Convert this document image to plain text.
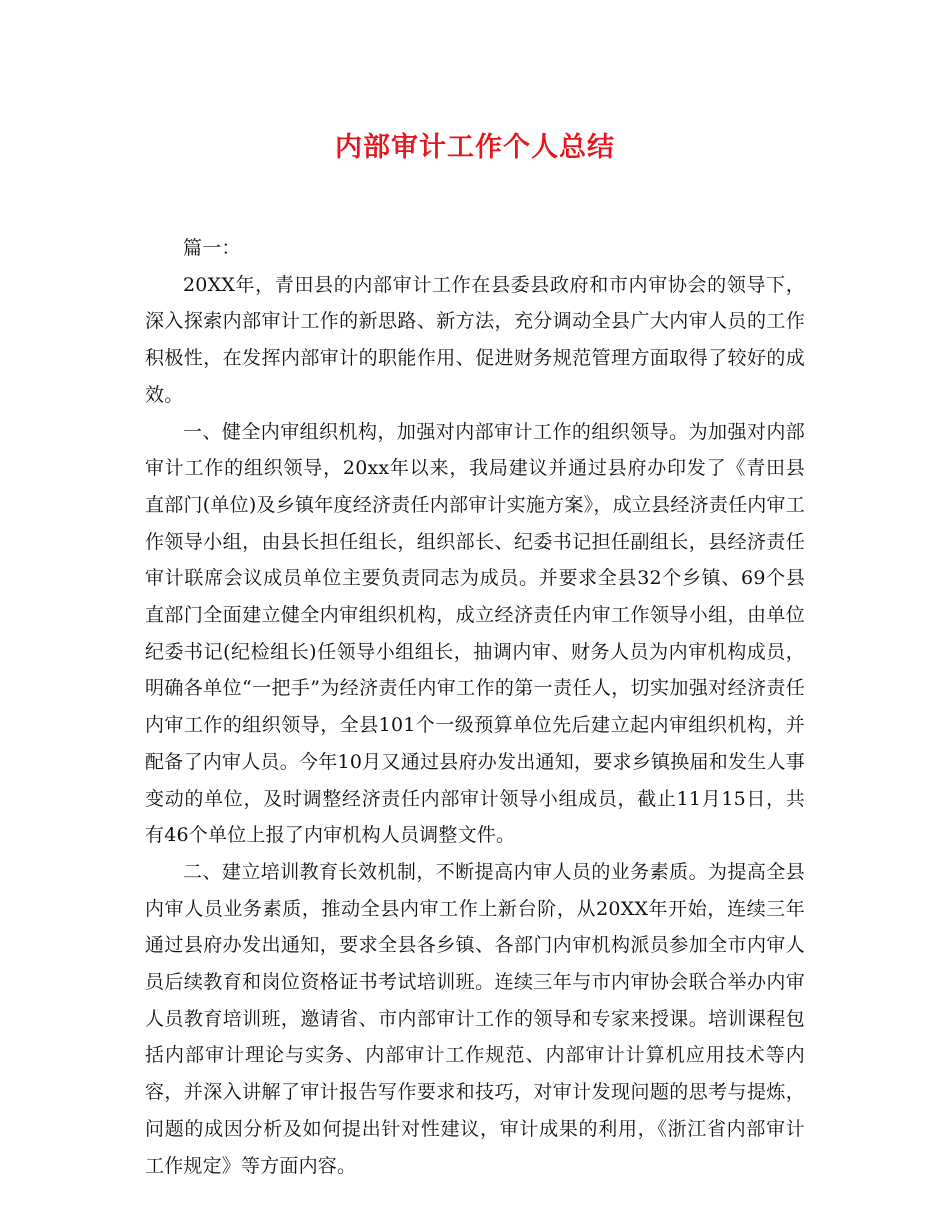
内部审计工作个人总结

篇一：

20XX年，青田县的内部审计工作在县委县政府和市内审协会的领导下，深入探索内部审计工作的新思路、新方法，充分调动全县广大内审人员的工作积极性，在发挥内部审计的职能作用、促进财务规范管理方面取得了较好的成效。

一、健全内审组织机构，加强对内部审计工作的组织领导。为加强对内部审计工作的组织领导，20xx年以来，我局建议并通过县府办印发了《青田县直部门(单位)及乡镇年度经济责任内部审计实施方案》，成立县经济责任内审工作领导小组，由县长担任组长，组织部长、纪委书记担任副组长，县经济责任审计联席会议成员单位主要负责同志为成员。并要求全县32个乡镇、69个县直部门全面建立健全内审组织机构，成立经济责任内审工作领导小组，由单位纪委书记(纪检组长)任领导小组组长，抽调内审、财务人员为内审机构成员，明确各单位“一把手”为经济责任内审工作的第一责任人，切实加强对经济责任内审工作的组织领导，全县101个一级预算单位先后建立起内审组织机构，并配备了内审人员。今年10月又通过县府办发出通知，要求乡镇换届和发生人事变动的单位，及时调整经济责任内部审计领导小组成员，截止11月15日，共有46个单位上报了内审机构人员调整文件。

二、建立培训教育长效机制，不断提高内审人员的业务素质。为提高全县内审人员业务素质，推动全县内审工作上新台阶，从20XX年开始，连续三年通过县府办发出通知，要求全县各乡镇、各部门内审机构派员参加全市内审人员后续教育和岗位资格证书考试培训班。连续三年与市内审协会联合举办内审人员教育培训班，邀请省、市内部审计工作的领导和专家来授课。培训课程包括内部审计理论与实务、内部审计工作规范、内部审计计算机应用技术等内容，并深入讲解了审计报告写作要求和技巧，对审计发现问题的思考与提炼，问题的成因分析及如何提出针对性建议，审计成果的利用，《浙江省内部审计工作规定》等方面内容。
